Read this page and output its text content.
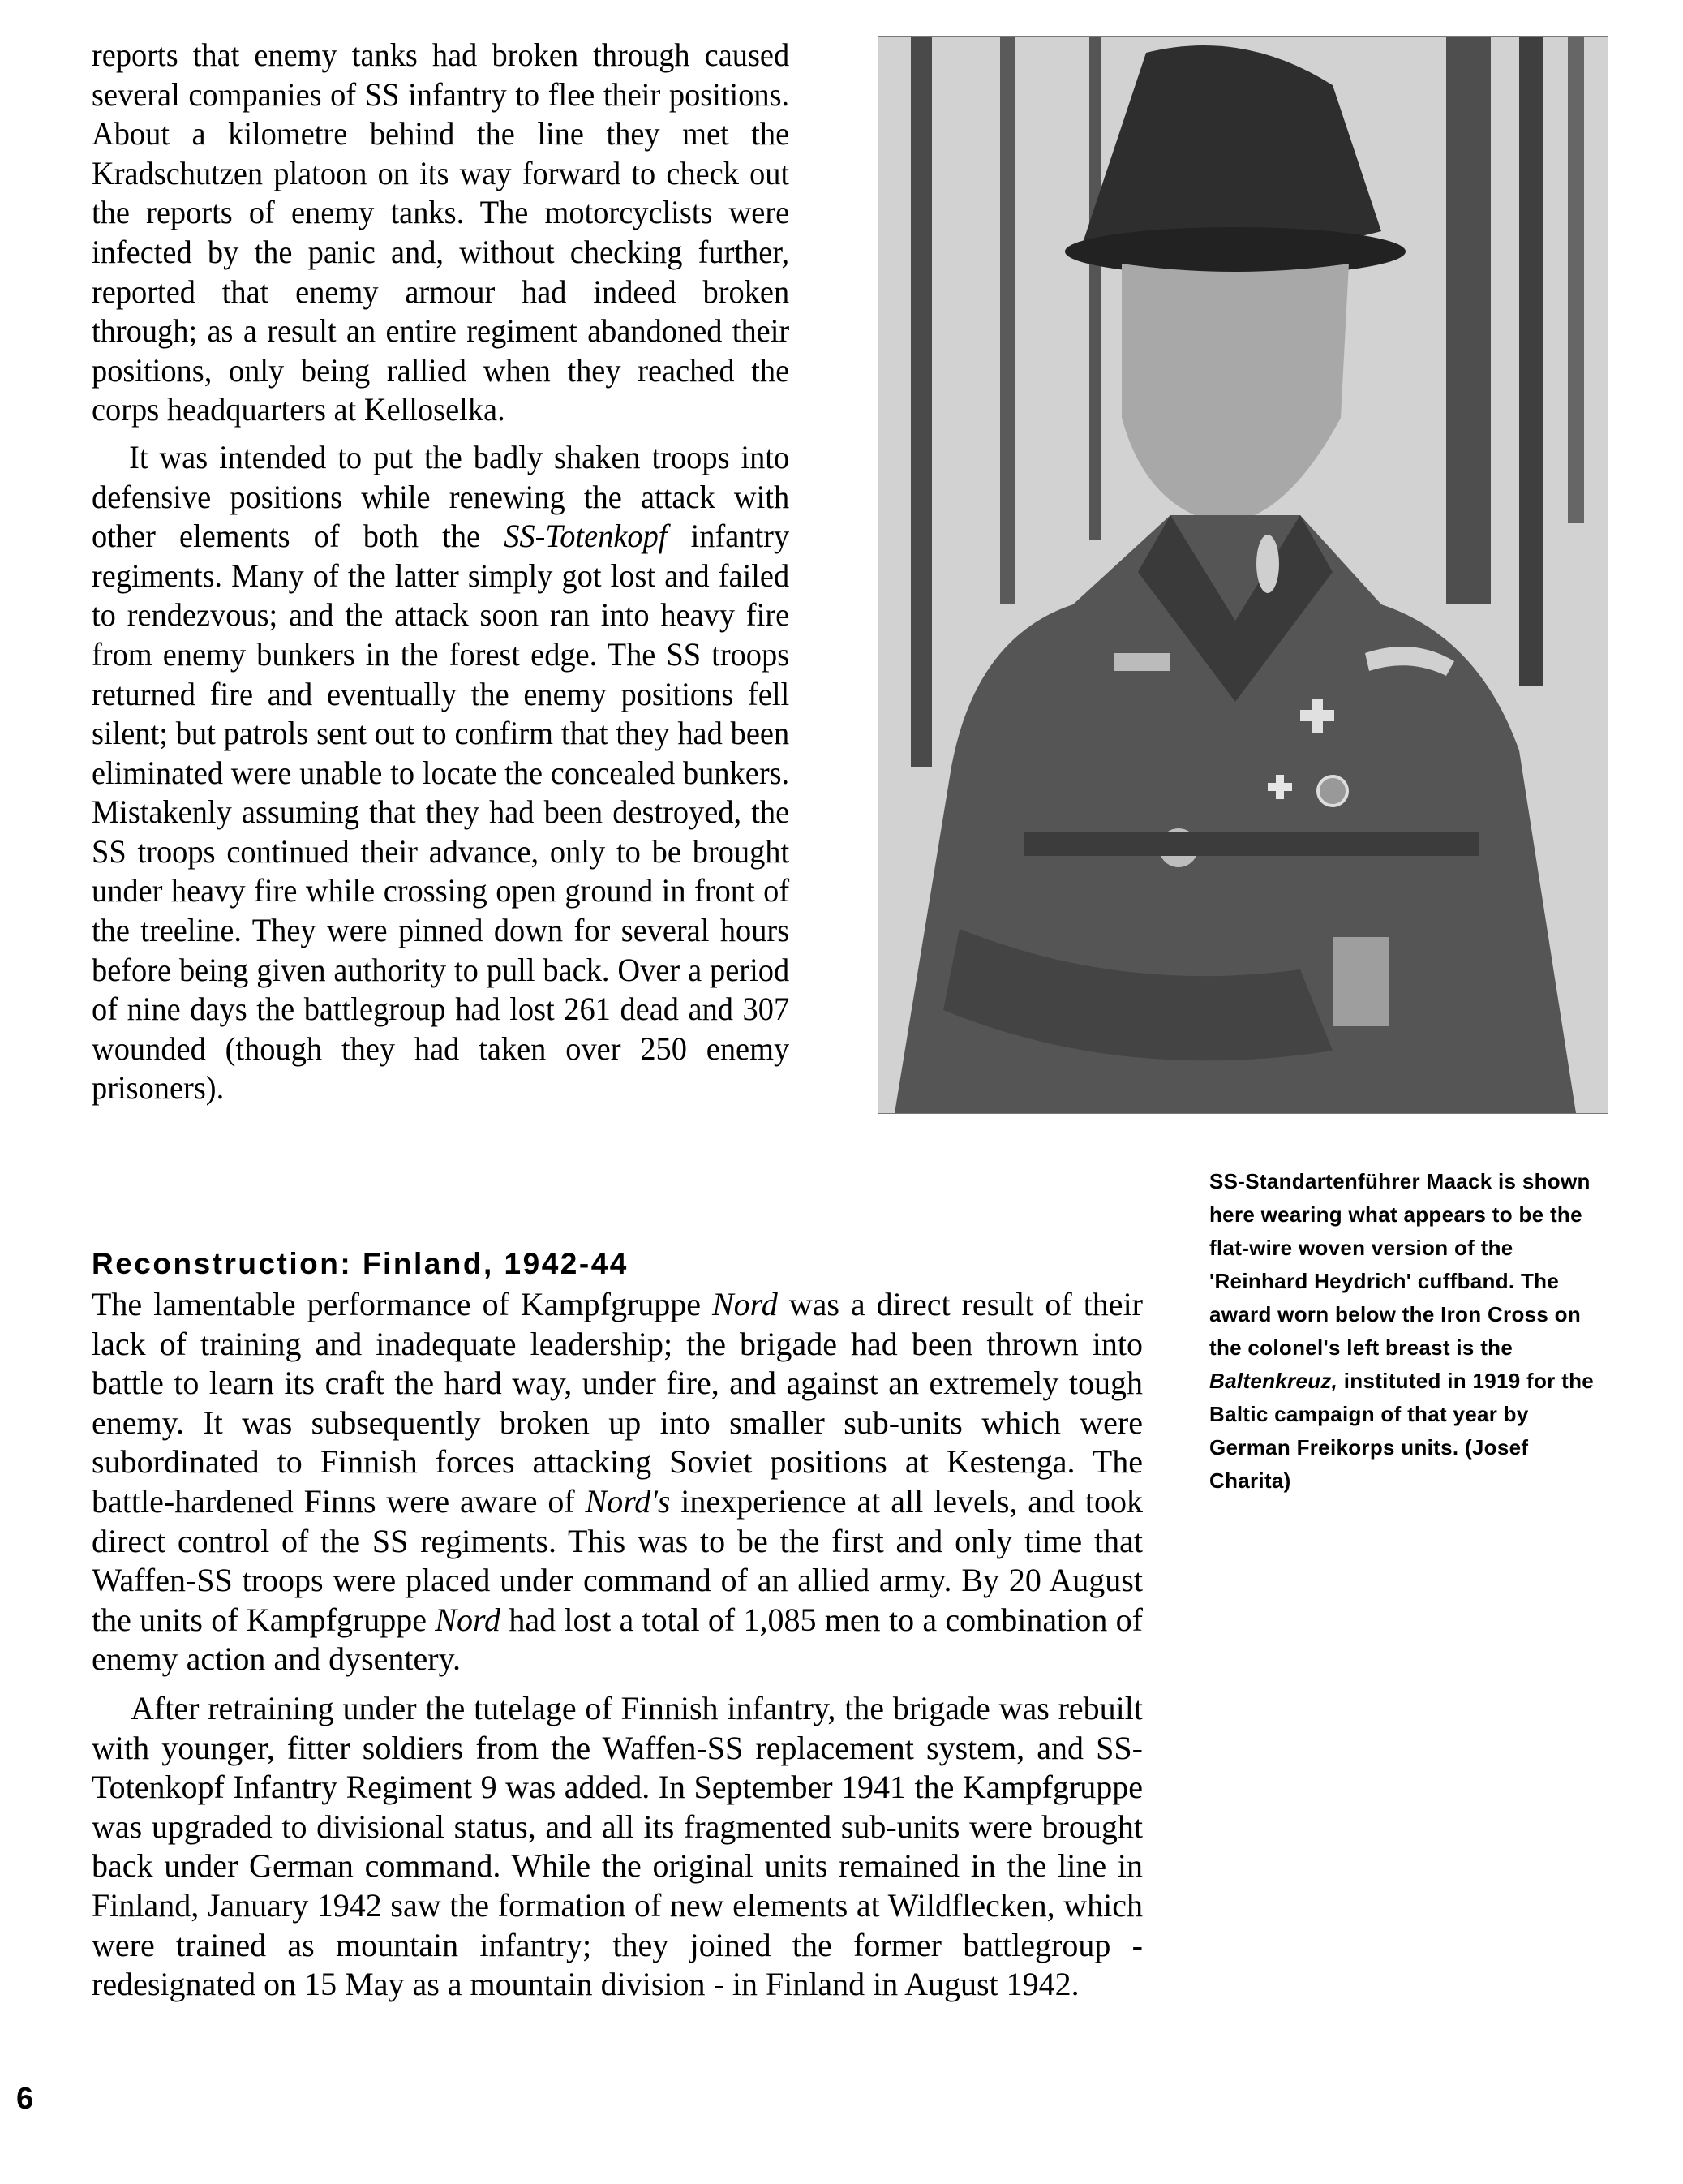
reports that enemy tanks had broken through caused several companies of SS infantry to flee their positions. About a kilometre behind the line they met the Kradschutzen platoon on its way forward to check out the reports of enemy tanks. The motorcyclists were infected by the panic and, without checking further, reported that enemy armour had indeed broken through; as a result an entire regiment abandoned their positions, only being rallied when they reached the corps headquarters at Kelloselka.

It was intended to put the badly shaken troops into defensive positions while renewing the attack with other elements of both the SS-Totenkopf infantry regiments. Many of the latter simply got lost and failed to rendezvous; and the attack soon ran into heavy fire from enemy bunkers in the forest edge. The SS troops returned fire and eventually the enemy positions fell silent; but patrols sent out to confirm that they had been eliminated were unable to locate the concealed bunkers. Mistakenly assuming that they had been destroyed, the SS troops continued their advance, only to be brought under heavy fire while crossing open ground in front of the treeline. They were pinned down for several hours before being given authority to pull back. Over a period of nine days the battlegroup had lost 261 dead and 307 wounded (though they had taken over 250 enemy prisoners).

SS-Standartenführer Maack is shown here wearing what appears to be the flat-wire woven version of the 'Reinhard Heydrich' cuffband. The award worn below the Iron Cross on the colonel's left breast is the Baltenkreuz, instituted in 1919 for the Baltic campaign of that year by German Freikorps units. (Josef Charita)
Reconstruction: Finland, 1942-44

The lamentable performance of Kampfgruppe Nord was a direct result of their lack of training and inadequate leadership; the brigade had been thrown into battle to learn its craft the hard way, under fire, and against an extremely tough enemy. It was subsequently broken up into smaller sub-units which were subordinated to Finnish forces attacking Soviet positions at Kestenga. The battle-hardened Finns were aware of Nord's inexperience at all levels, and took direct control of the SS regiments. This was to be the first and only time that Waffen-SS troops were placed under command of an allied army. By 20 August the units of Kampfgruppe Nord had lost a total of 1,085 men to a combination of enemy action and dysentery.

After retraining under the tutelage of Finnish infantry, the brigade was rebuilt with younger, fitter soldiers from the Waffen-SS replacement system, and SS-Totenkopf Infantry Regiment 9 was added. In September 1941 the Kampfgruppe was upgraded to divisional status, and all its fragmented sub-units were brought back under German command. While the original units remained in the line in Finland, January 1942 saw the formation of new elements at Wildflecken, which were trained as mountain infantry; they joined the former battlegroup - redesignated on 15 May as a mountain division - in Finland in August 1942.

6
